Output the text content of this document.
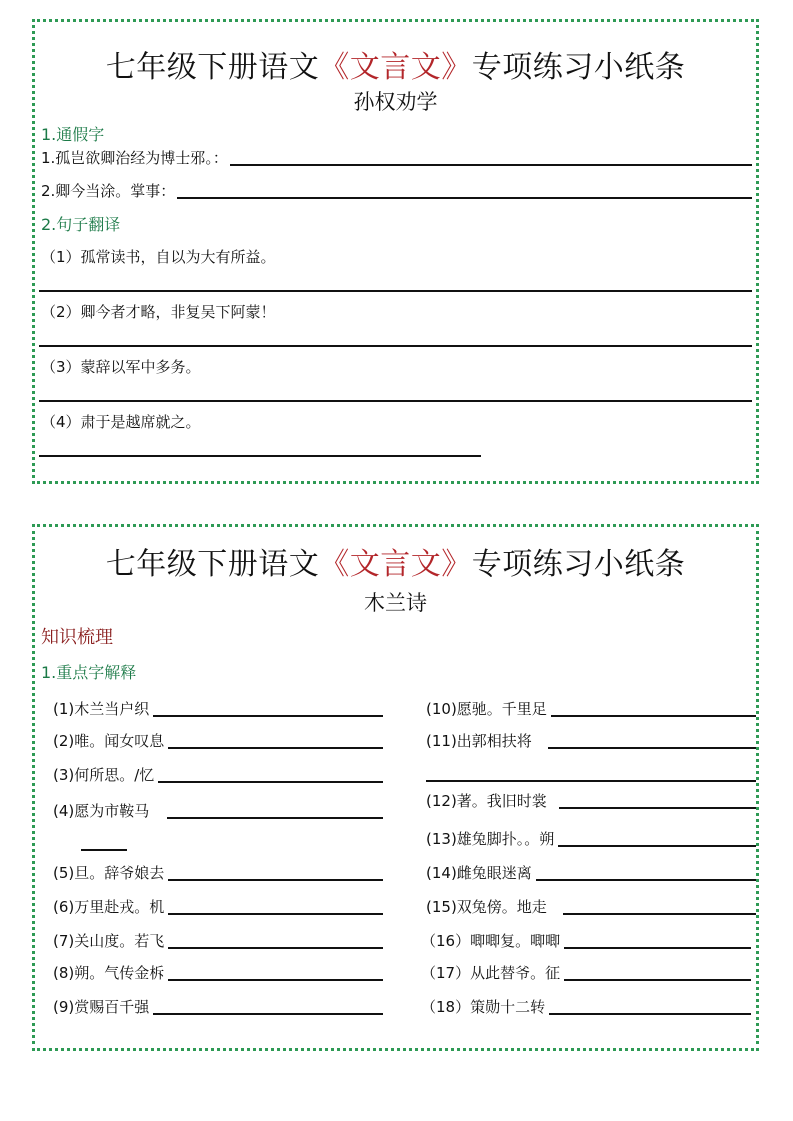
七年级下册语文《文言文》专项练习小纸条
孙权劝学
1.通假字
1.孤岂欲卿治经为博士邪。：
2.卿今当涂。掌事：
2.句子翻译
（1）孤常读书，自以为大有所益。
（2）卿今者才略，非复吴下阿蒙！
（3）蒙辞以军中多务。
（4）肃于是越席就之。
七年级下册语文《文言文》专项练习小纸条
木兰诗
知识梳理
1.重点字解释
(1)木兰当户织
(2)唯。闻女叹息
(3)何所思。/忆
(4)愿为市鞍马
(5)旦。辞爷娘去
(6)万里赴戎。机
(7)关山度。若飞
(8)朔。气传金柝
(9)赏赐百千强
(10)愿驰。千里足
(11)出郭相扶将
(12)著。我旧时裳
(13)雄兔脚扑。。朔
(14)雌兔眼迷离
(15)双兔傍。地走
（16）唧唧复。唧唧
（17）从此替爷。征
（18）策勋十二转
